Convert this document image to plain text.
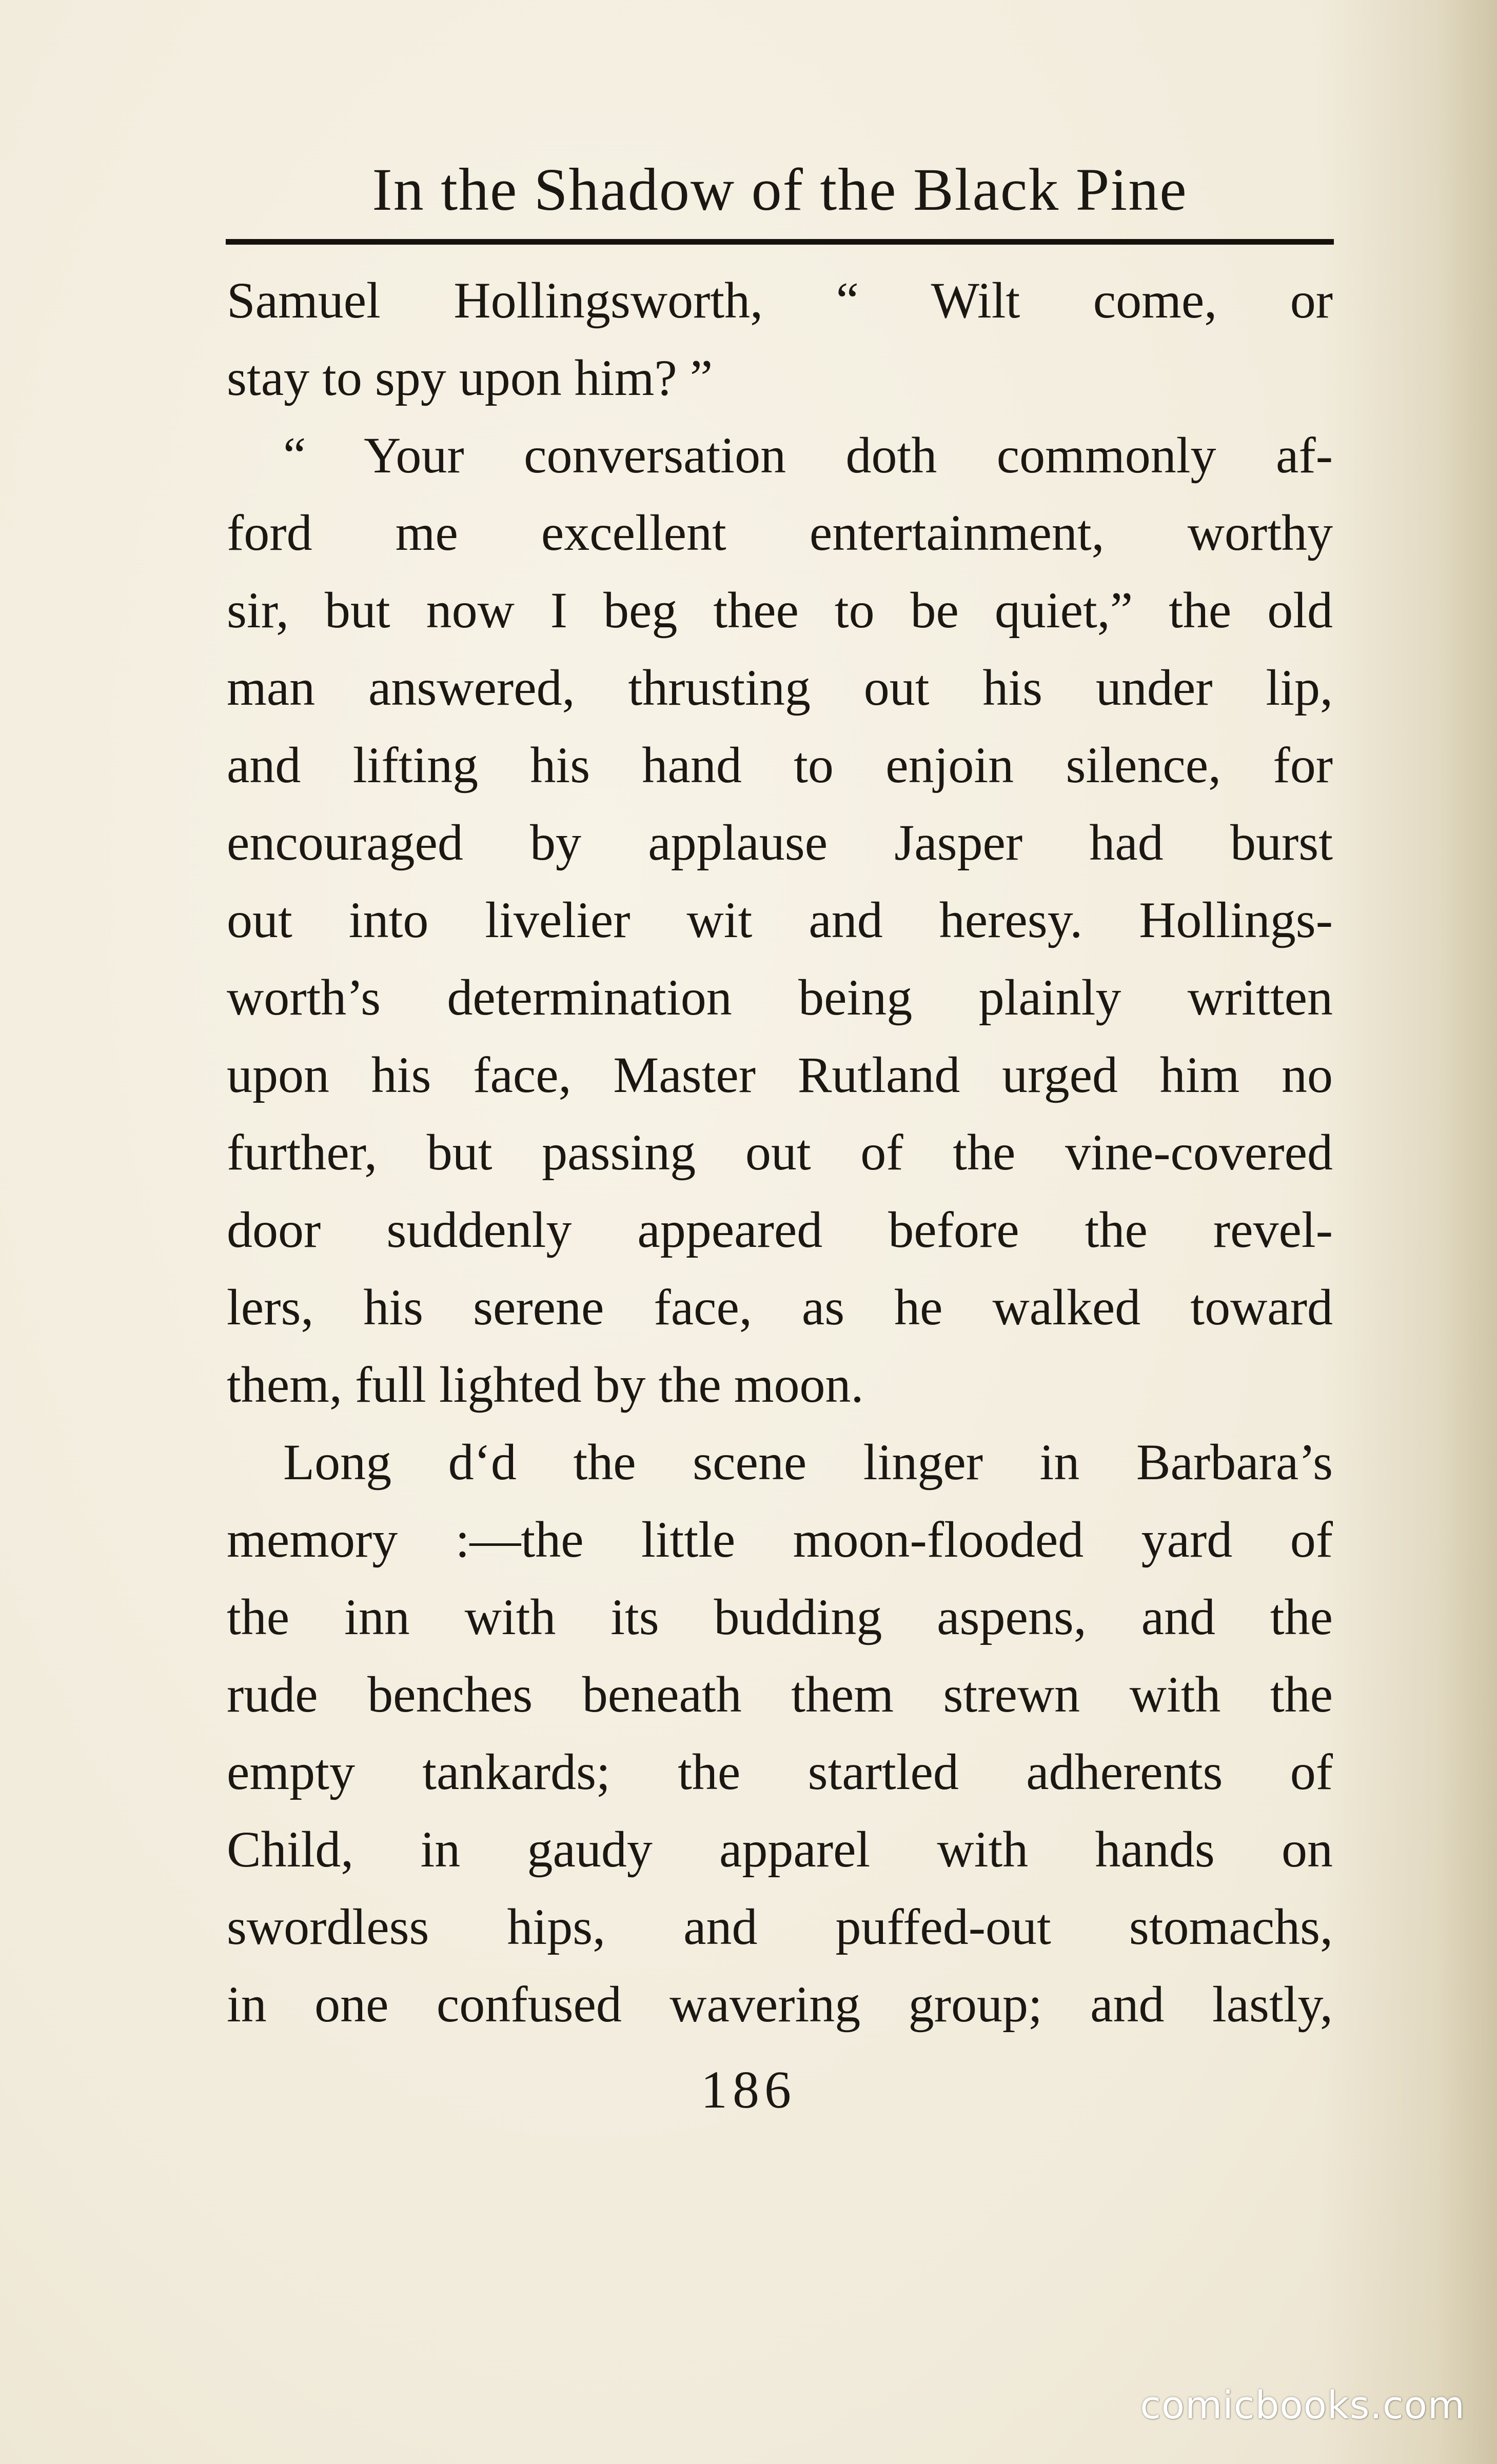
In the Shadow of the Black Pine
Samuel Hollingsworth, “ Wilt come, or
stay to spy upon him? ”
“ Your conversation doth commonly af-
ford me excellent entertainment, worthy
sir, but now I beg thee to be quiet,” the old
man answered, thrusting out his under lip,
and lifting his hand to enjoin silence, for
encouraged by applause Jasper had burst
out into livelier wit and heresy. Hollings-
worth’s determination being plainly written
upon his face, Master Rutland urged him no
further, but passing out of the vine-covered
door suddenly appeared before the revel-
lers, his serene face, as he walked toward
them, full lighted by the moon.
Long d‘d the scene linger in Barbara’s
memory :—the little moon-flooded yard of
the inn with its budding aspens, and the
rude benches beneath them strewn with the
empty tankards; the startled adherents of
Child, in gaudy apparel with hands on
swordless hips, and puffed-out stomachs,
in one confused wavering group; and lastly,
186
comicbooks.com
